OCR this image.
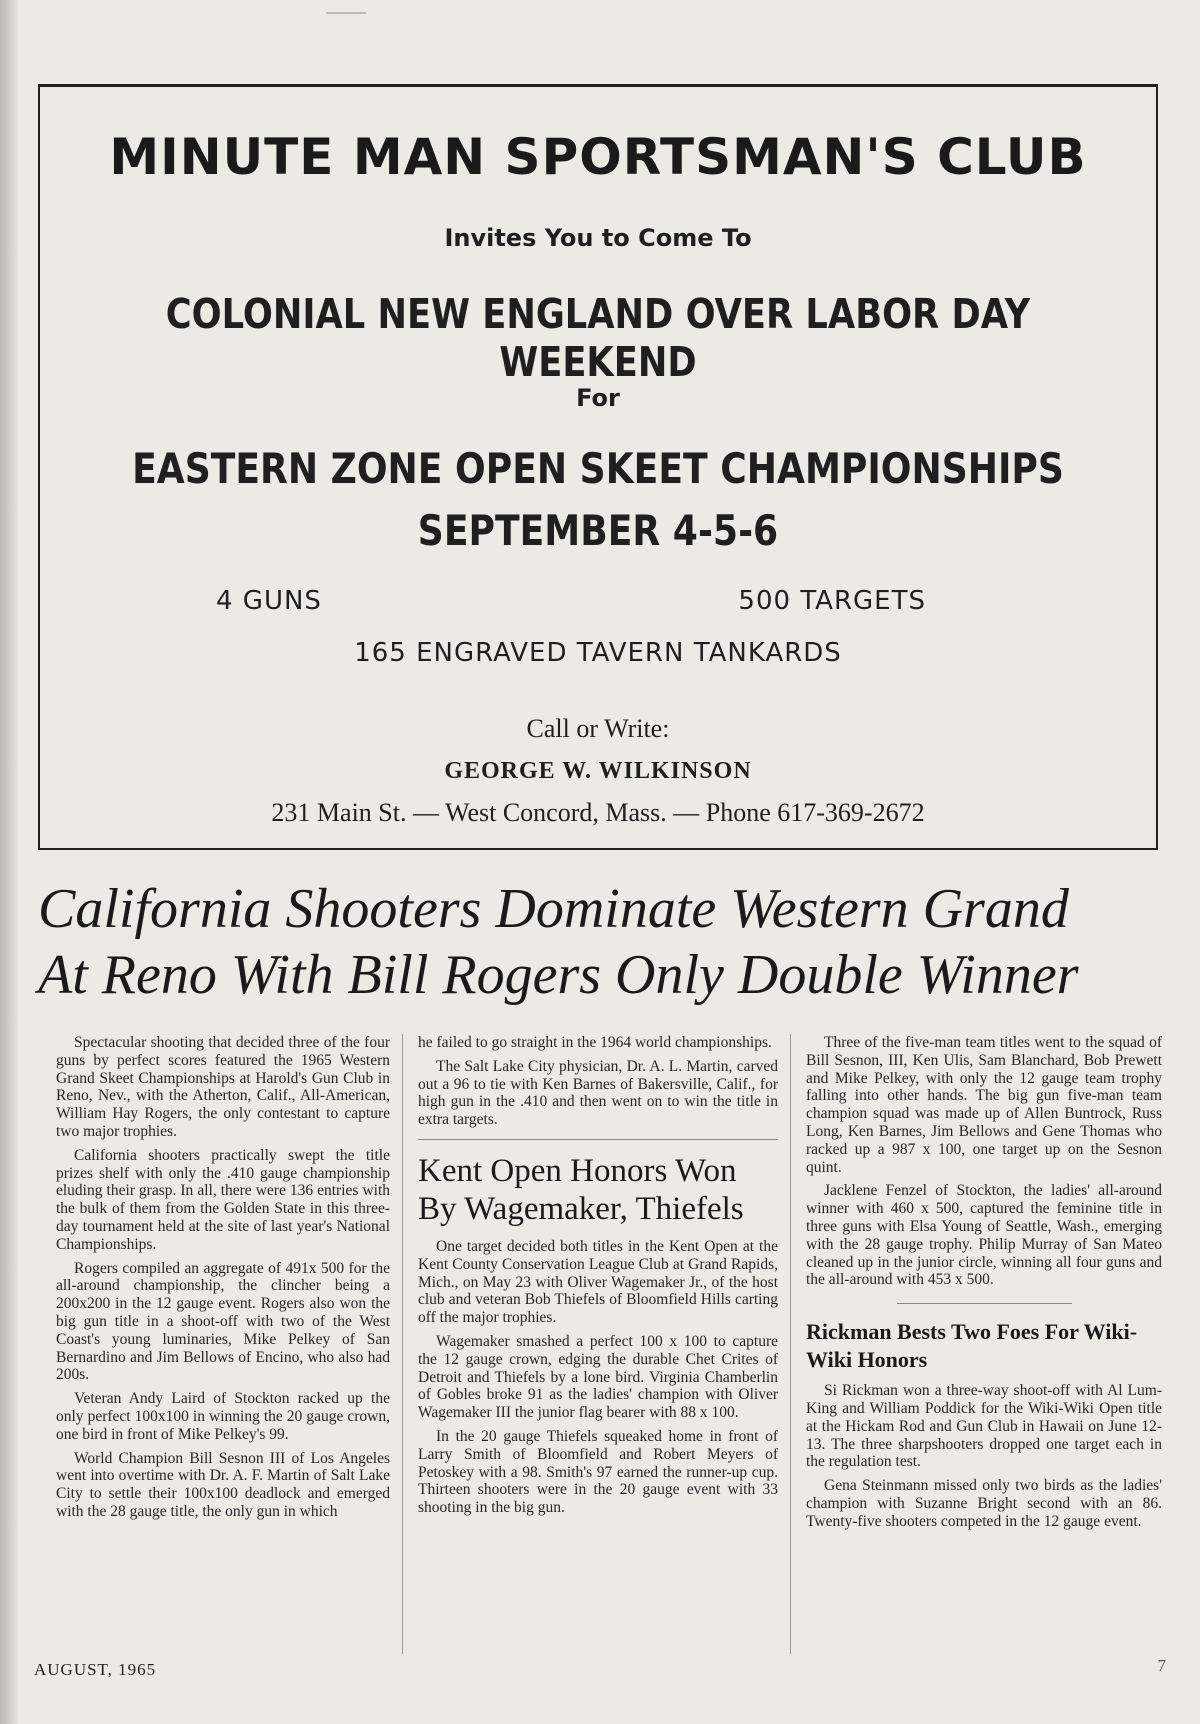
MINUTE MAN SPORTSMAN'S CLUB
Invites You to Come To
COLONIAL NEW ENGLAND OVER LABOR DAY WEEKEND
For
EASTERN ZONE OPEN SKEET CHAMPIONSHIPS
SEPTEMBER 4-5-6
4 GUNS	500 TARGETS
165 ENGRAVED TAVERN TANKARDS
Call or Write:
GEORGE W. WILKINSON
231 Main St. — West Concord, Mass. — Phone 617-369-2672
California Shooters Dominate Western Grand
At Reno With Bill Rogers Only Double Winner

Spectacular shooting that decided three of the four guns by perfect scores featured the 1965 Western Grand Skeet Championships at Harold's Gun Club in Reno, Nev., with the Atherton, Calif., All-American, William Hay Rogers, the only contestant to capture two major trophies.

California shooters practically swept the title prizes shelf with only the .410 gauge championship eluding their grasp. In all, there were 136 entries with the bulk of them from the Golden State in this three-day tournament held at the site of last year's National Championships.

Rogers compiled an aggregate of 491x 500 for the all-around championship, the clincher being a 200x200 in the 12 gauge event. Rogers also won the big gun title in a shoot-off with two of the West Coast's young luminaries, Mike Pelkey of San Bernardino and Jim Bellows of Encino, who also had 200s.

Veteran Andy Laird of Stockton racked up the only perfect 100x100 in winning the 20 gauge crown, one bird in front of Mike Pelkey's 99.

World Champion Bill Sesnon III of Los Angeles went into overtime with Dr. A. F. Martin of Salt Lake City to settle their 100x100 deadlock and emerged with the 28 gauge title, the only gun in which

he failed to go straight in the 1964 world championships.

The Salt Lake City physician, Dr. A. L. Martin, carved out a 96 to tie with Ken Barnes of Bakersville, Calif., for high gun in the .410 and then went on to win the title in extra targets.

Kent Open Honors Won By Wagemaker, Thiefels

One target decided both titles in the Kent Open at the Kent County Conservation League Club at Grand Rapids, Mich., on May 23 with Oliver Wagemaker Jr., of the host club and veteran Bob Thiefels of Bloomfield Hills carting off the major trophies.

Wagemaker smashed a perfect 100 x 100 to capture the 12 gauge crown, edging the durable Chet Crites of Detroit and Thiefels by a lone bird. Virginia Chamberlin of Gobles broke 91 as the ladies' champion with Oliver Wagemaker III the junior flag bearer with 88 x 100.

In the 20 gauge Thiefels squeaked home in front of Larry Smith of Bloomfield and Robert Meyers of Petoskey with a 98. Smith's 97 earned the runner-up cup. Thirteen shooters were in the 20 gauge event with 33 shooting in the big gun.

Three of the five-man team titles went to the squad of Bill Sesnon, III, Ken Ulis, Sam Blanchard, Bob Prewett and Mike Pelkey, with only the 12 gauge team trophy falling into other hands. The big gun five-man team champion squad was made up of Allen Buntrock, Russ Long, Ken Barnes, Jim Bellows and Gene Thomas who racked up a 987 x 100, one target up on the Sesnon quint.

Jacklene Fenzel of Stockton, the ladies' all-around winner with 460 x 500, captured the feminine title in three guns with Elsa Young of Seattle, Wash., emerging with the 28 gauge trophy. Philip Murray of San Mateo cleaned up in the junior circle, winning all four guns and the all-around with 453 x 500.

Rickman Bests Two Foes For Wiki-Wiki Honors

Si Rickman won a three-way shoot-off with Al Lum-King and William Poddick for the Wiki-Wiki Open title at the Hickam Rod and Gun Club in Hawaii on June 12-13. The three sharpshooters dropped one target each in the regulation test.

Gena Steinmann missed only two birds as the ladies' champion with Suzanne Bright second with an 86. Twenty-five shooters competed in the 12 gauge event.

AUGUST, 1965	7
